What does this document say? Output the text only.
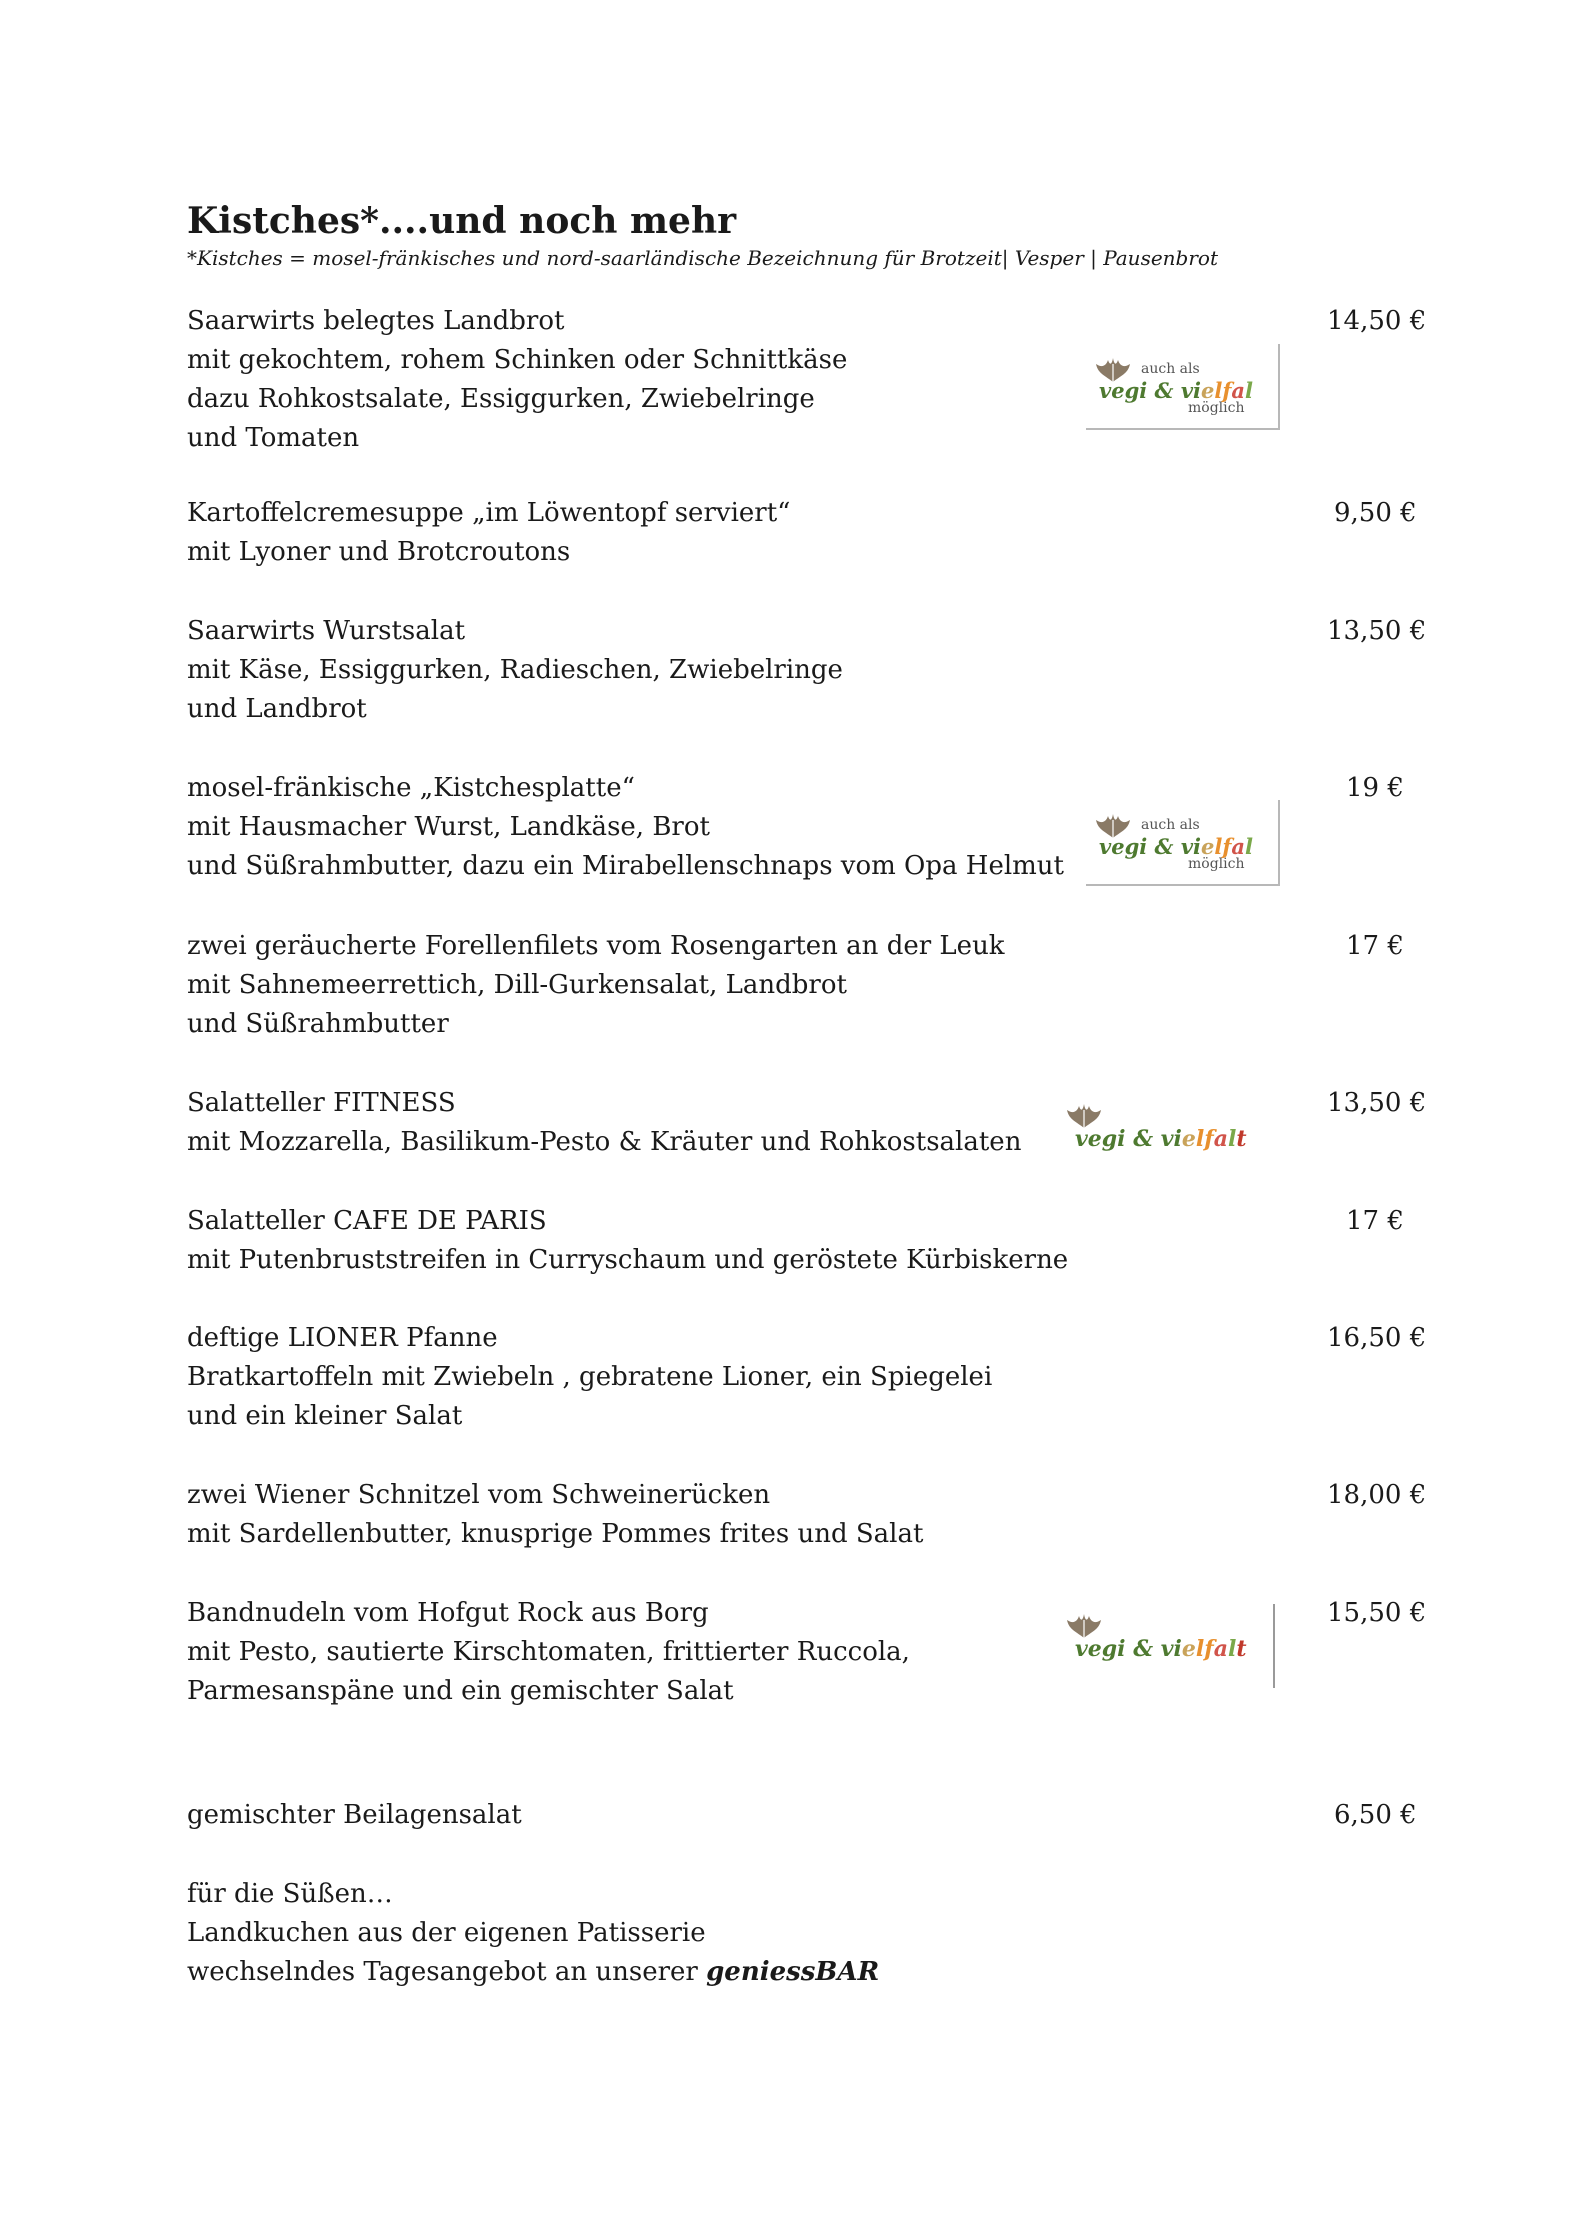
Kistches*....und noch mehr
*Kistches = mosel-fränkisches und nord-saarländische Bezeichnung für Brotzeit| Vesper | Pausenbrot
Saarwirts belegtes Landbrot
mit gekochtem, rohem Schinken oder Schnittkäse
dazu Rohkostsalate, Essiggurken, Zwiebelringe
und Tomaten
14,50 €
Kartoffelcremesuppe „im Löwentopf serviert“
mit Lyoner und Brotcroutons
9,50 €
Saarwirts Wurstsalat
mit Käse, Essiggurken, Radieschen, Zwiebelringe
und Landbrot
13,50 €
mosel-fränkische „Kistchesplatte“
mit Hausmacher Wurst, Landkäse, Brot
und Süßrahmbutter, dazu ein Mirabellenschnaps vom Opa Helmut
19 €
zwei geräucherte Forellenfilets vom Rosengarten an der Leuk
mit Sahnemeerrettich, Dill-Gurkensalat, Landbrot
und Süßrahmbutter
17 €
Salatteller FITNESS
mit Mozzarella, Basilikum-Pesto & Kräuter und Rohkostsalaten
13,50 €
Salatteller CAFE DE PARIS
mit Putenbruststreifen in Curryschaum und geröstete Kürbiskerne
17 €
deftige LIONER Pfanne
Bratkartoffeln mit Zwiebeln , gebratene Lioner, ein Spiegelei
und ein kleiner Salat
16,50 €
zwei Wiener Schnitzel vom Schweinerücken
mit Sardellenbutter, knusprige Pommes frites und Salat
18,00 €
Bandnudeln vom Hofgut Rock aus Borg
mit Pesto, sautierte Kirschtomaten, frittierter Ruccola,
Parmesanspäne und ein gemischter Salat
15,50 €
gemischter Beilagensalat	6,50 €
für die Süßen…
Landkuchen aus der eigenen Patisserie
wechselndes Tagesangebot an unserer geniessBAR
auch als
vegi & vielfal
möglich
auch als
vegi & vielfal
möglich
vegi & vielfalt
vegi & vielfalt
